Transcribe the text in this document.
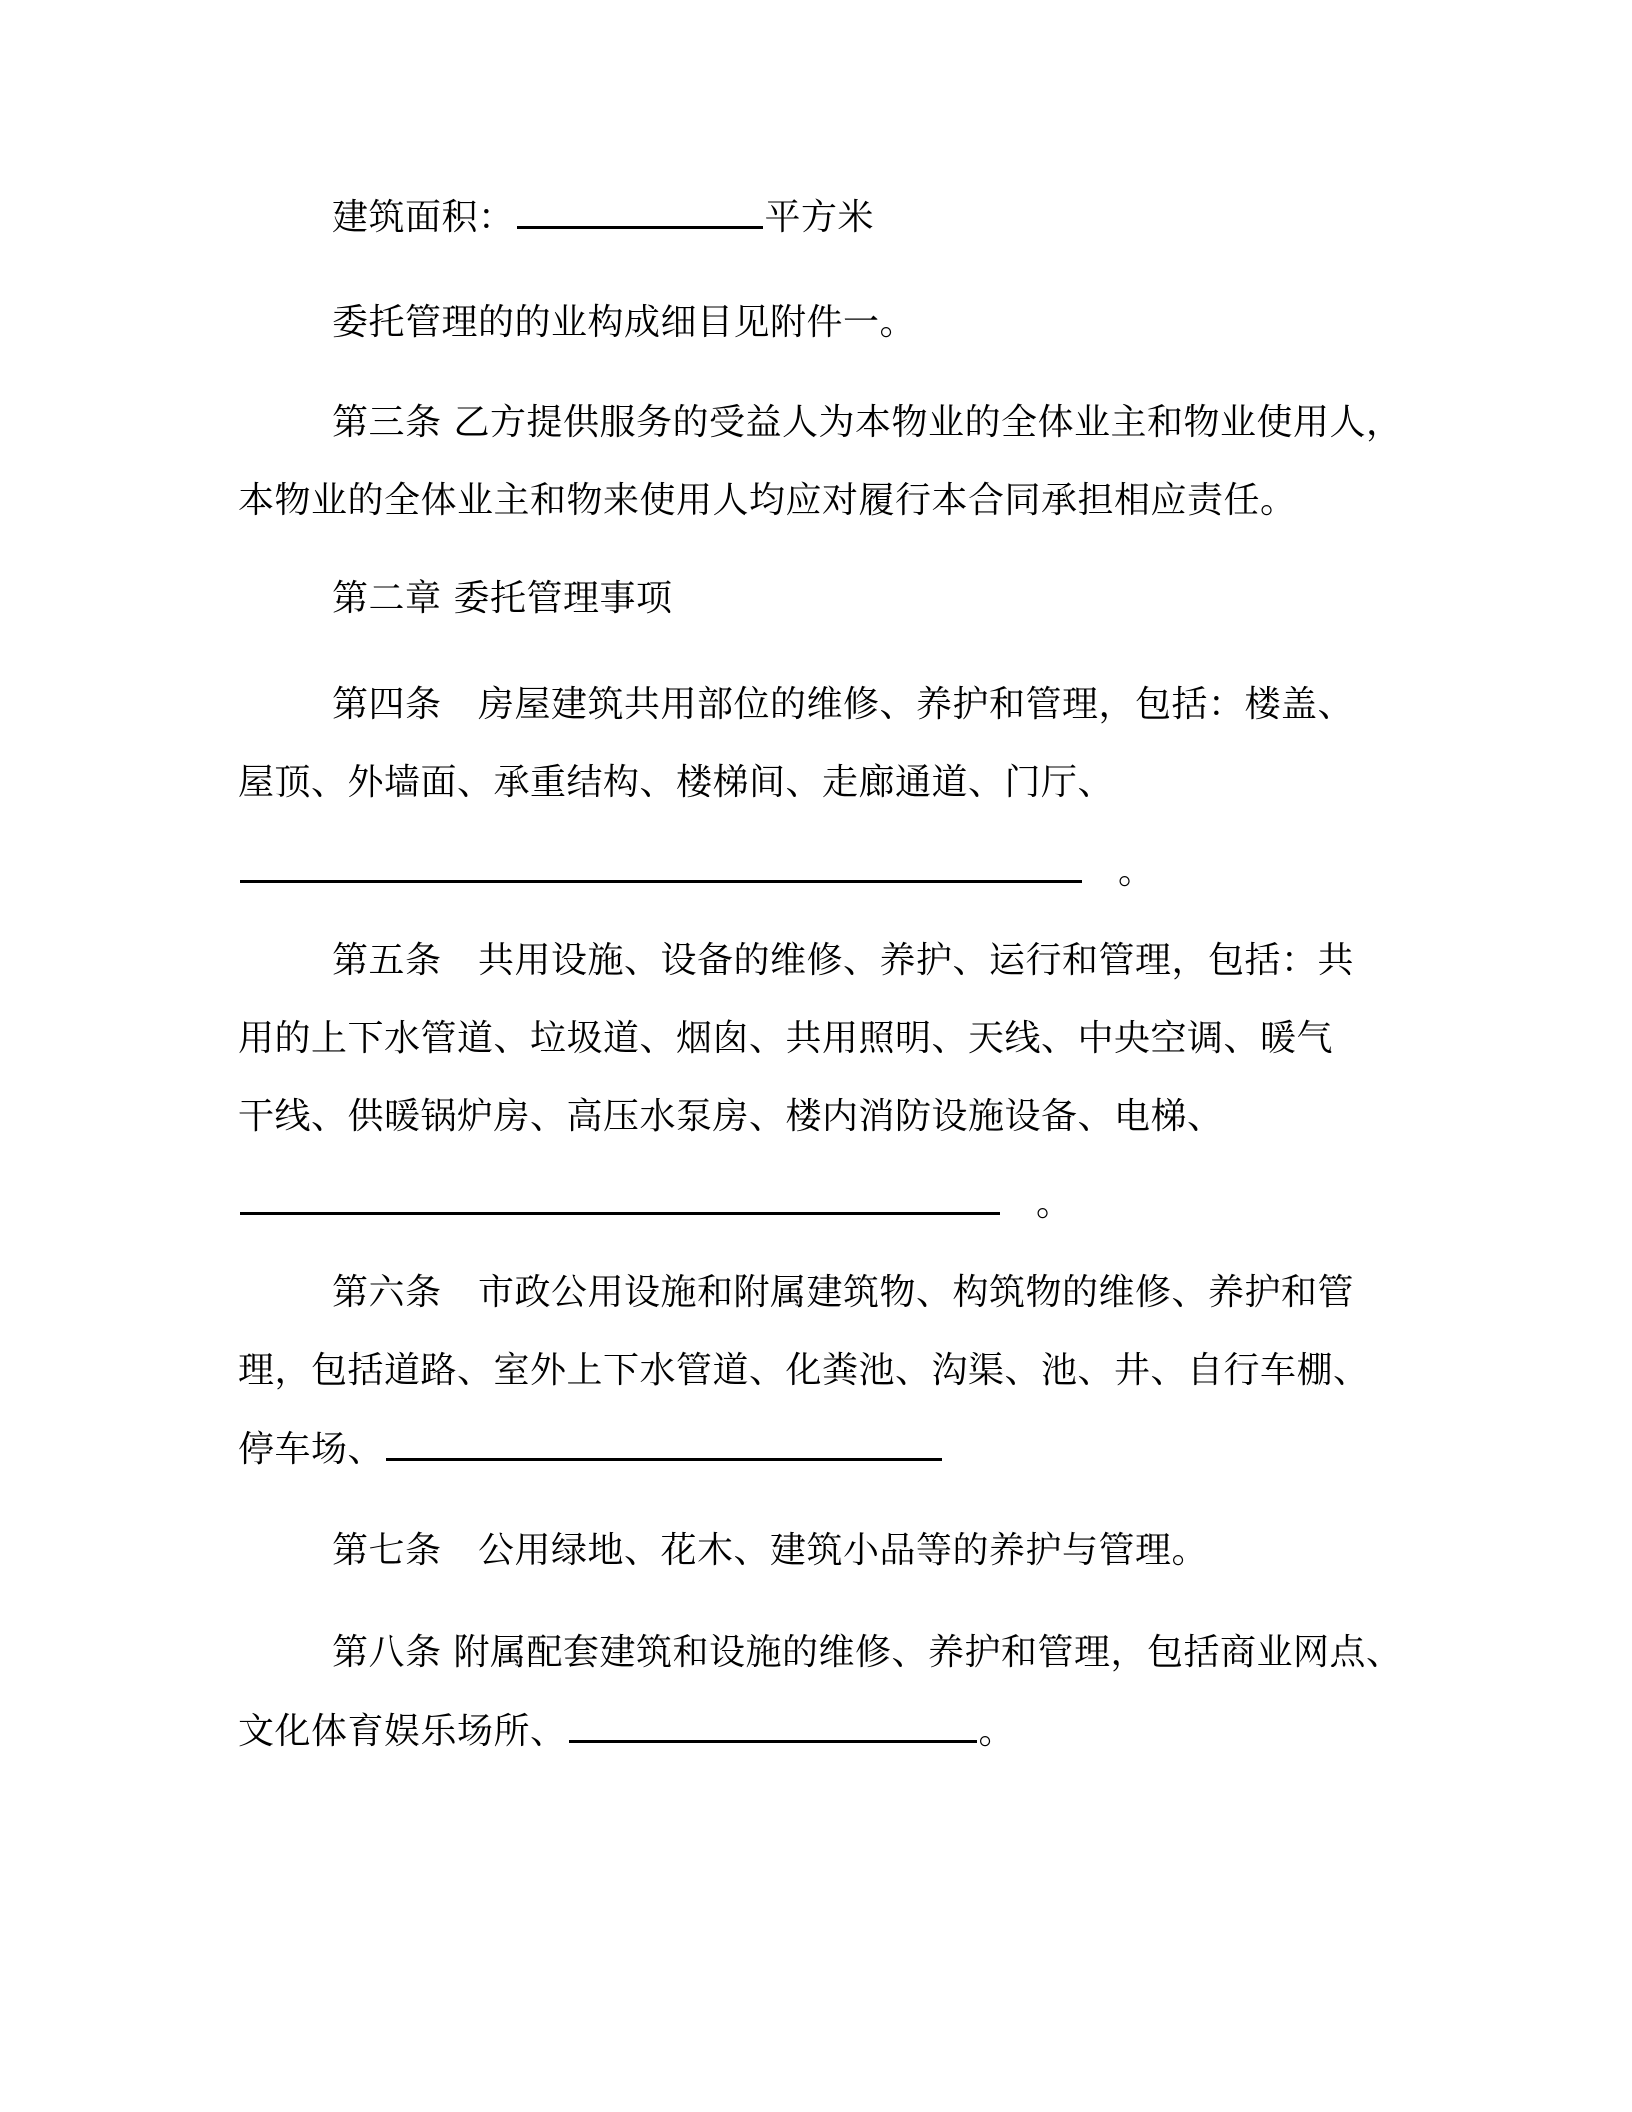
建筑面积：	平方米
委托管理的的业构成细目见附件一。
第三条 乙方提供服务的受益人为本物业的全体业主和物业使用人，
本物业的全体业主和物来使用人均应对履行本合同承担相应责任。
第二章 委托管理事项
第四条　房屋建筑共用部位的维修、养护和管理，包括：楼盖、
屋顶、外墙面、承重结构、楼梯间、走廊通道、门厅、
。
第五条　共用设施、设备的维修、养护、运行和管理，包括：共
用的上下水管道、垃圾道、烟囱、共用照明、天线、中央空调、暖气
干线、供暖锅炉房、高压水泵房、楼内消防设施设备、电梯、
。
第六条　市政公用设施和附属建筑物、构筑物的维修、养护和管
理，包括道路、室外上下水管道、化粪池、沟渠、池、井、自行车棚、
停车场、
第七条　公用绿地、花木、建筑小品等的养护与管理。
第八条 附属配套建筑和设施的维修、养护和管理，包括商业网点、
文化体育娱乐场所、	。
